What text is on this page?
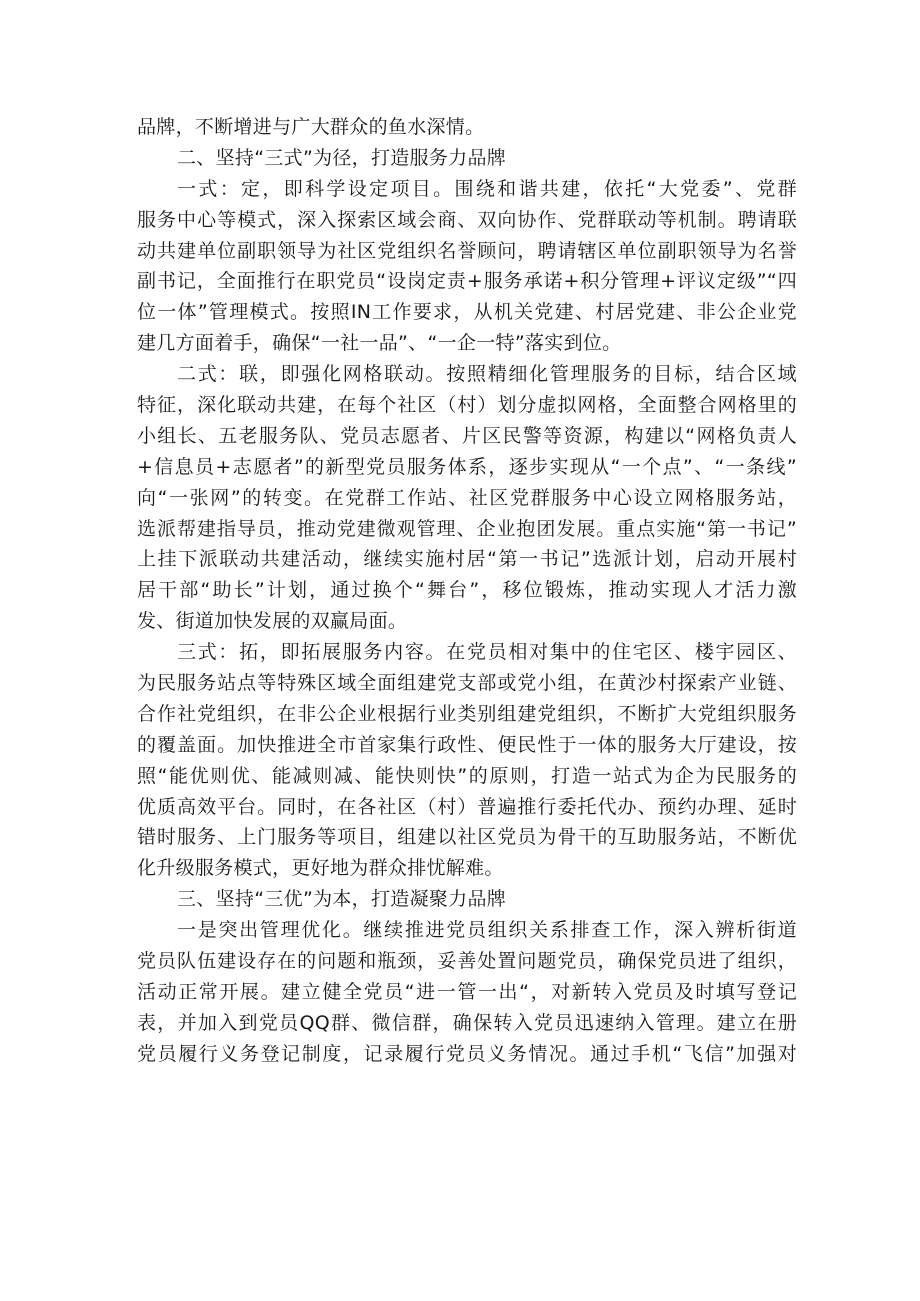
品牌，不断增进与广大群众的鱼水深情。
二、坚持“三式”为径，打造服务力品牌
一式：定，即科学设定项目。围绕和谐共建，依托“大党委”、党群
服务中心等模式，深入探索区域会商、双向协作、党群联动等机制。聘请联
动共建单位副职领导为社区党组织名誉顾问，聘请辖区单位副职领导为名誉
副书记，全面推行在职党员“设岗定责+服务承诺+积分管理+评议定级”“四
位一体”管理模式。按照IN工作要求，从机关党建、村居党建、非公企业党
建几方面着手，确保“一社一品”、“一企一特”落实到位。
二式：联，即强化网格联动。按照精细化管理服务的目标，结合区域
特征，深化联动共建，在每个社区（村）划分虚拟网格，全面整合网格里的
小组长、五老服务队、党员志愿者、片区民警等资源，构建以“网格负责人
+信息员+志愿者”的新型党员服务体系，逐步实现从“一个点”、“一条线”
向“一张网”的转变。在党群工作站、社区党群服务中心设立网格服务站，
选派帮建指导员，推动党建微观管理、企业抱团发展。重点实施“第一书记”
上挂下派联动共建活动，继续实施村居“第一书记”选派计划，启动开展村
居干部“助长”计划，通过换个“舞台”，移位锻炼，推动实现人才活力激
发、街道加快发展的双赢局面。
三式：拓，即拓展服务内容。在党员相对集中的住宅区、楼宇园区、
为民服务站点等特殊区域全面组建党支部或党小组，在黄沙村探索产业链、
合作社党组织，在非公企业根据行业类别组建党组织，不断扩大党组织服务
的覆盖面。加快推进全市首家集行政性、便民性于一体的服务大厅建设，按
照“能优则优、能减则减、能快则快”的原则，打造一站式为企为民服务的
优质高效平台。同时，在各社区（村）普遍推行委托代办、预约办理、延时
错时服务、上门服务等项目，组建以社区党员为骨干的互助服务站，不断优
化升级服务模式，更好地为群众排忧解难。
三、坚持“三优”为本，打造凝聚力品牌
一是突出管理优化。继续推进党员组织关系排查工作，深入辨析街道
党员队伍建设存在的问题和瓶颈，妥善处置问题党员，确保党员进了组织，
活动正常开展。建立健全党员“进一管一出“，对新转入党员及时填写登记
表，并加入到党员QQ群、微信群，确保转入党员迅速纳入管理。建立在册
党员履行义务登记制度，记录履行党员义务情况。通过手机“飞信”加强对
